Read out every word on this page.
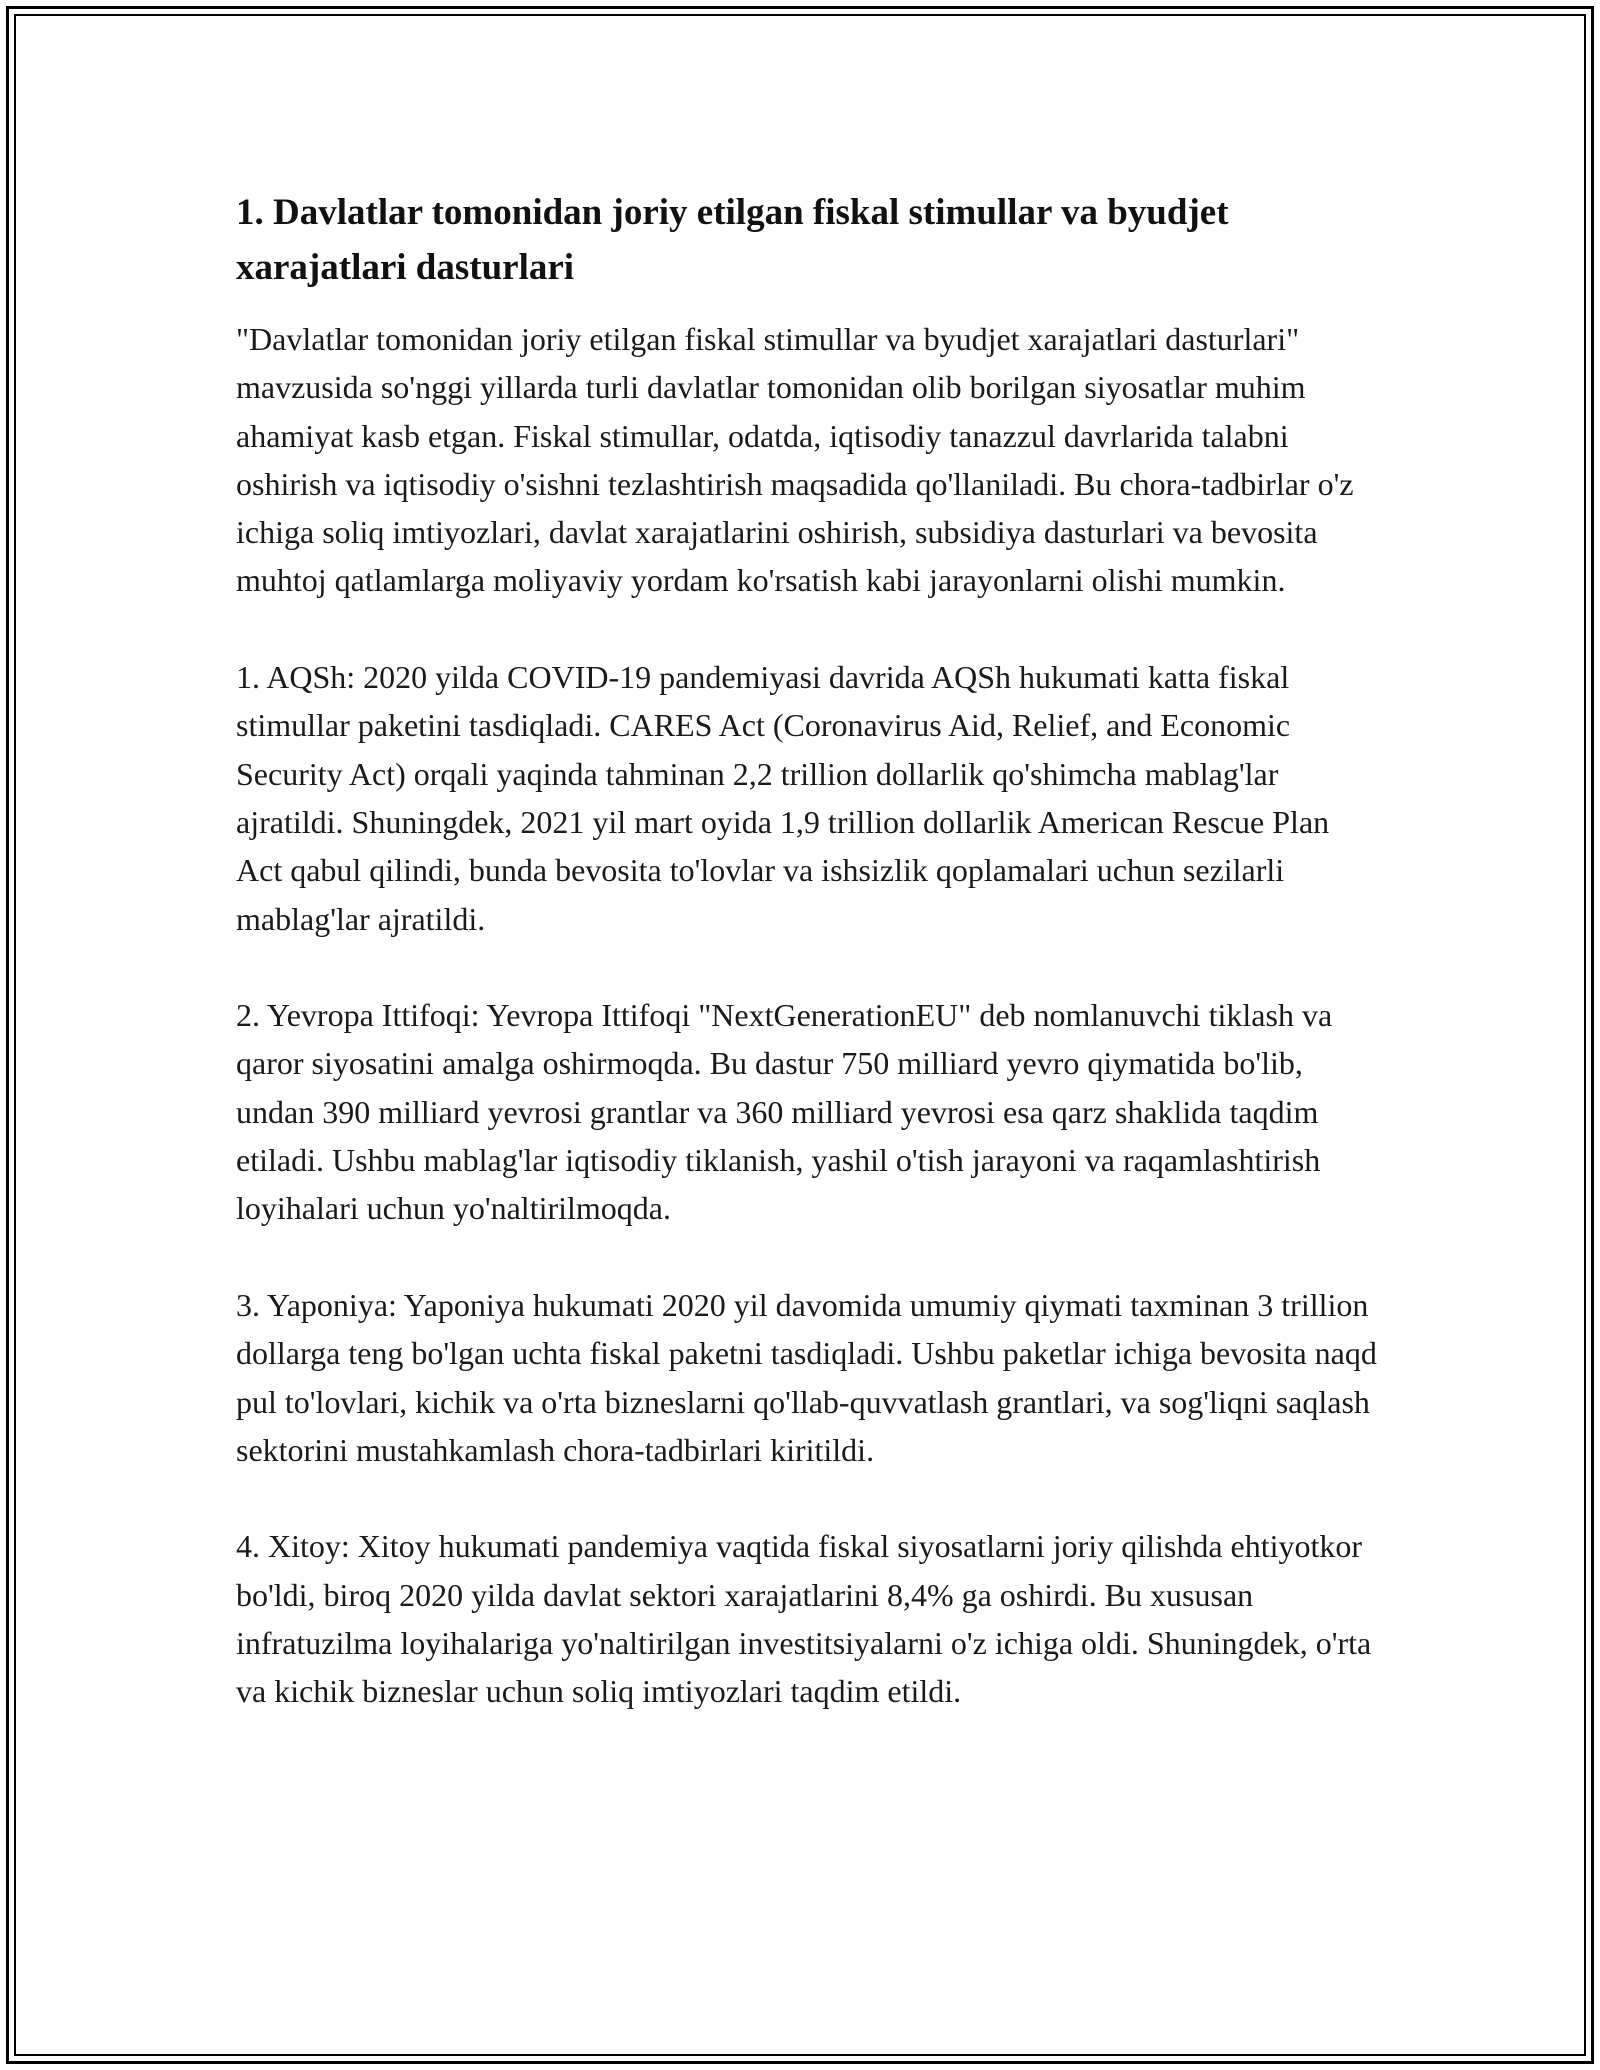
1. Davlatlar tomonidan joriy etilgan fiskal stimullar va byudjet xarajatlari dasturlari

"Davlatlar tomonidan joriy etilgan fiskal stimullar va byudjet xarajatlari dasturlari" mavzusida so'nggi yillarda turli davlatlar tomonidan olib borilgan siyosatlar muhim ahamiyat kasb etgan. Fiskal stimullar, odatda, iqtisodiy tanazzul davrlarida talabni oshirish va iqtisodiy o'sishni tezlashtirish maqsadida qo'llaniladi. Bu chora-tadbirlar o'z ichiga soliq imtiyozlari, davlat xarajatlarini oshirish, subsidiya dasturlari va bevosita muhtoj qatlamlarga moliyaviy yordam ko'rsatish kabi jarayonlarni olishi mumkin.

1. AQSh: 2020 yilda COVID-19 pandemiyasi davrida AQSh hukumati katta fiskal stimullar paketini tasdiqladi. CARES Act (Coronavirus Aid, Relief, and Economic Security Act) orqali yaqinda tahminan 2,2 trillion dollarlik qo'shimcha mablag'lar ajratildi. Shuningdek, 2021 yil mart oyida 1,9 trillion dollarlik American Rescue Plan Act qabul qilindi, bunda bevosita to'lovlar va ishsizlik qoplamalari uchun sezilarli mablag'lar ajratildi.

2. Yevropa Ittifoqi: Yevropa Ittifoqi "NextGenerationEU" deb nomlanuvchi tiklash va qaror siyosatini amalga oshirmoqda. Bu dastur 750 milliard yevro qiymatida bo'lib, undan 390 milliard yevrosi grantlar va 360 milliard yevrosi esa qarz shaklida taqdim etiladi. Ushbu mablag'lar iqtisodiy tiklanish, yashil o'tish jarayoni va raqamlashtirish loyihalari uchun yo'naltirilmoqda.

3. Yaponiya: Yaponiya hukumati 2020 yil davomida umumiy qiymati taxminan 3 trillion dollarga teng bo'lgan uchta fiskal paketni tasdiqladi. Ushbu paketlar ichiga bevosita naqd pul to'lovlari, kichik va o'rta bizneslarni qo'llab-quvvatlash grantlari, va sog'liqni saqlash sektorini mustahkamlash chora-tadbirlari kiritildi.

4. Xitoy: Xitoy hukumati pandemiya vaqtida fiskal siyosatlarni joriy qilishda ehtiyotkor bo'ldi, biroq 2020 yilda davlat sektori xarajatlarini 8,4% ga oshirdi. Bu xususan infratuzilma loyihalariga yo'naltirilgan investitsiyalarni o'z ichiga oldi. Shuningdek, o'rta va kichik bizneslar uchun soliq imtiyozlari taqdim etildi.
